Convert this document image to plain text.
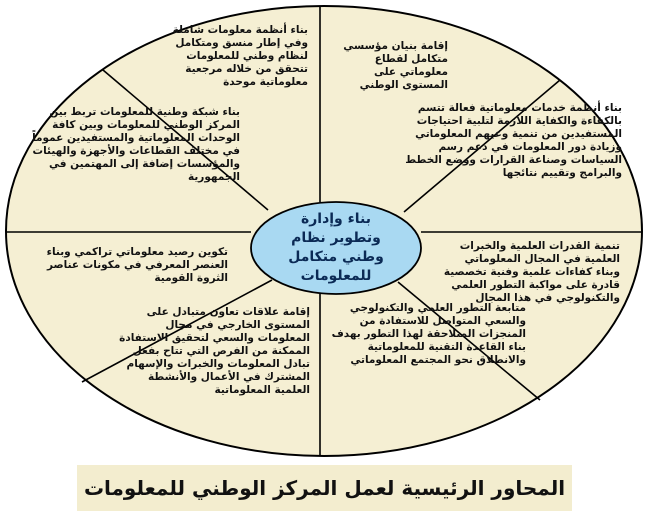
بناء أنظمة معلومات شاملة وفي إطار منسق ومتكامل لنظام وطني للمعلومات تتحقق من خلاله مرجعية معلوماتية موحدة
إقامة بنيان مؤسسي متكامل لقطاع معلوماتي على المستوى الوطني
بناء أنظمة خدمات معلوماتية فعالة تتسم بالكفاءة والكفاية اللازمة لتلبية احتياجات المستفيدين من تنمية وعيهم المعلوماتي وزيادة دور المعلومات في دعم رسم السياسات وصناعة القرارات ووضع الخطط والبرامج وتقييم نتائجها
تنمية القدرات العلمية والخبرات العلمية في المجال المعلوماتي وبناء كفاءات علمية وفنية تخصصية قادرة على مواكبة التطور العلمي والتكنولوجي في هذا المجال
متابعة التطور العلمي والتكنولوجي والسعي المتواصل للاستفادة من المنجزات المتلاحقة لهذا التطور بهدف بناء القاعدة التقنية للمعلوماتية والانطلاق نحو المجتمع المعلوماتي
إقامة علاقات تعاون متبادل على المستوى الخارجي في مجال المعلومات والسعي لتحقيق الاستفادة الممكنة من الفرص التي تتاح بفعل تبادل المعلومات والخبرات والإسهام المشترك في الأعمال والأنشطة العلمية المعلوماتية
تكوين رصيد معلوماتي تراكمي وبناء العنصر المعرفي في مكونات عناصر الثروة القومية
بناء شبكة وطنية للمعلومات تربط بين المركز الوطني للمعلومات وبين كافة الوحدات المعلوماتية والمستفيدين عموماً في مختلف القطاعات والأجهزة والهيئات والمؤسسات إضافة إلى المهتمين في الجمهورية
بناء وإدارة
وتطوير نظام
وطني متكامل
للمعلومات
المحاور الرئيسية لعمل المركز الوطني للمعلومات
